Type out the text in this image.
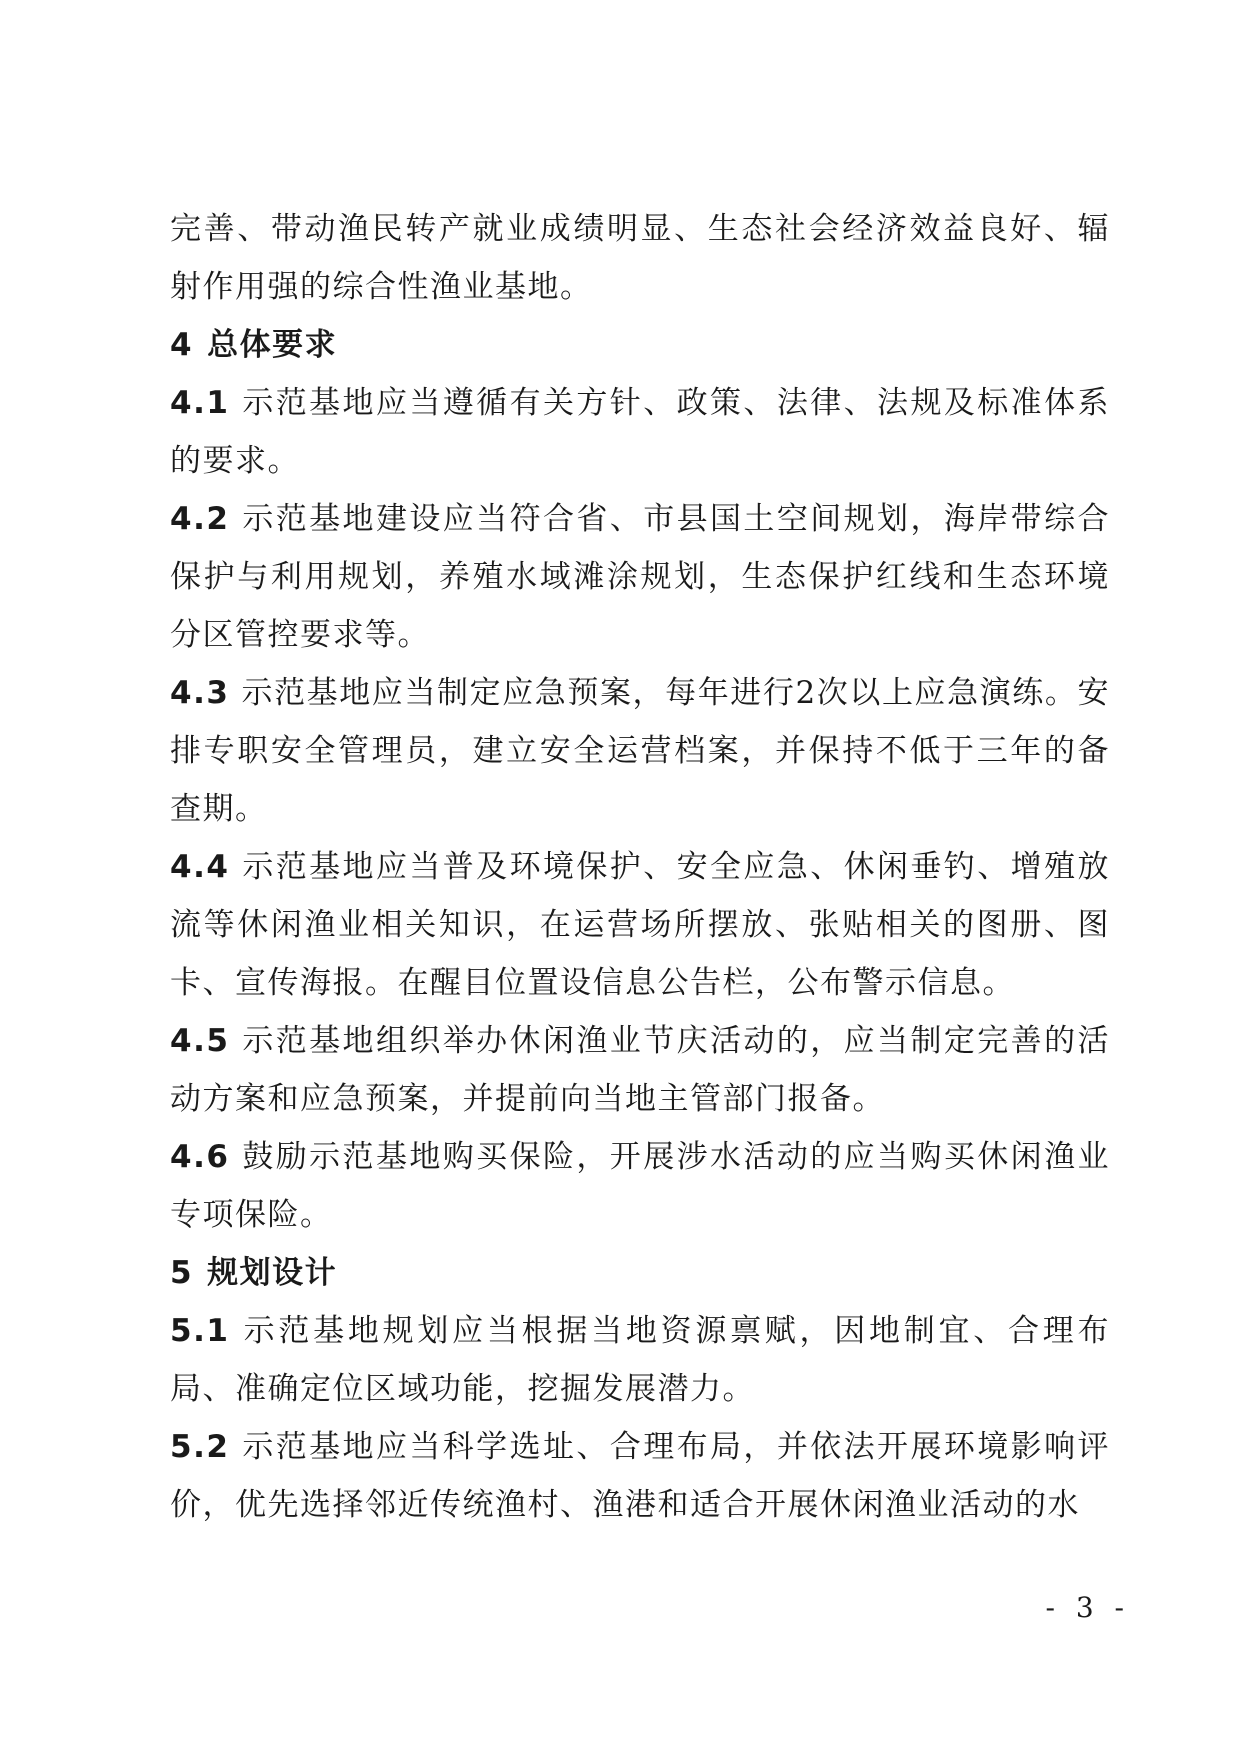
完善、带动渔民转产就业成绩明显、生态社会经济效益良好、辐射作用强的综合性渔业基地。

4 总体要求

4.1 示范基地应当遵循有关方针、政策、法律、法规及标准体系的要求。

4.2 示范基地建设应当符合省、市县国土空间规划，海岸带综合保护与利用规划，养殖水域滩涂规划，生态保护红线和生态环境分区管控要求等。

4.3 示范基地应当制定应急预案，每年进行2次以上应急演练。安排专职安全管理员，建立安全运营档案，并保持不低于三年的备查期。

4.4 示范基地应当普及环境保护、安全应急、休闲垂钓、增殖放流等休闲渔业相关知识，在运营场所摆放、张贴相关的图册、图卡、宣传海报。在醒目位置设信息公告栏，公布警示信息。

4.5 示范基地组织举办休闲渔业节庆活动的，应当制定完善的活动方案和应急预案，并提前向当地主管部门报备。

4.6 鼓励示范基地购买保险，开展涉水活动的应当购买休闲渔业专项保险。

5 规划设计

5.1 示范基地规划应当根据当地资源禀赋，因地制宜、合理布局、准确定位区域功能，挖掘发展潜力。

5.2 示范基地应当科学选址、合理布局，并依法开展环境影响评价，优先选择邻近传统渔村、渔港和适合开展休闲渔业活动的水

- 3 -
